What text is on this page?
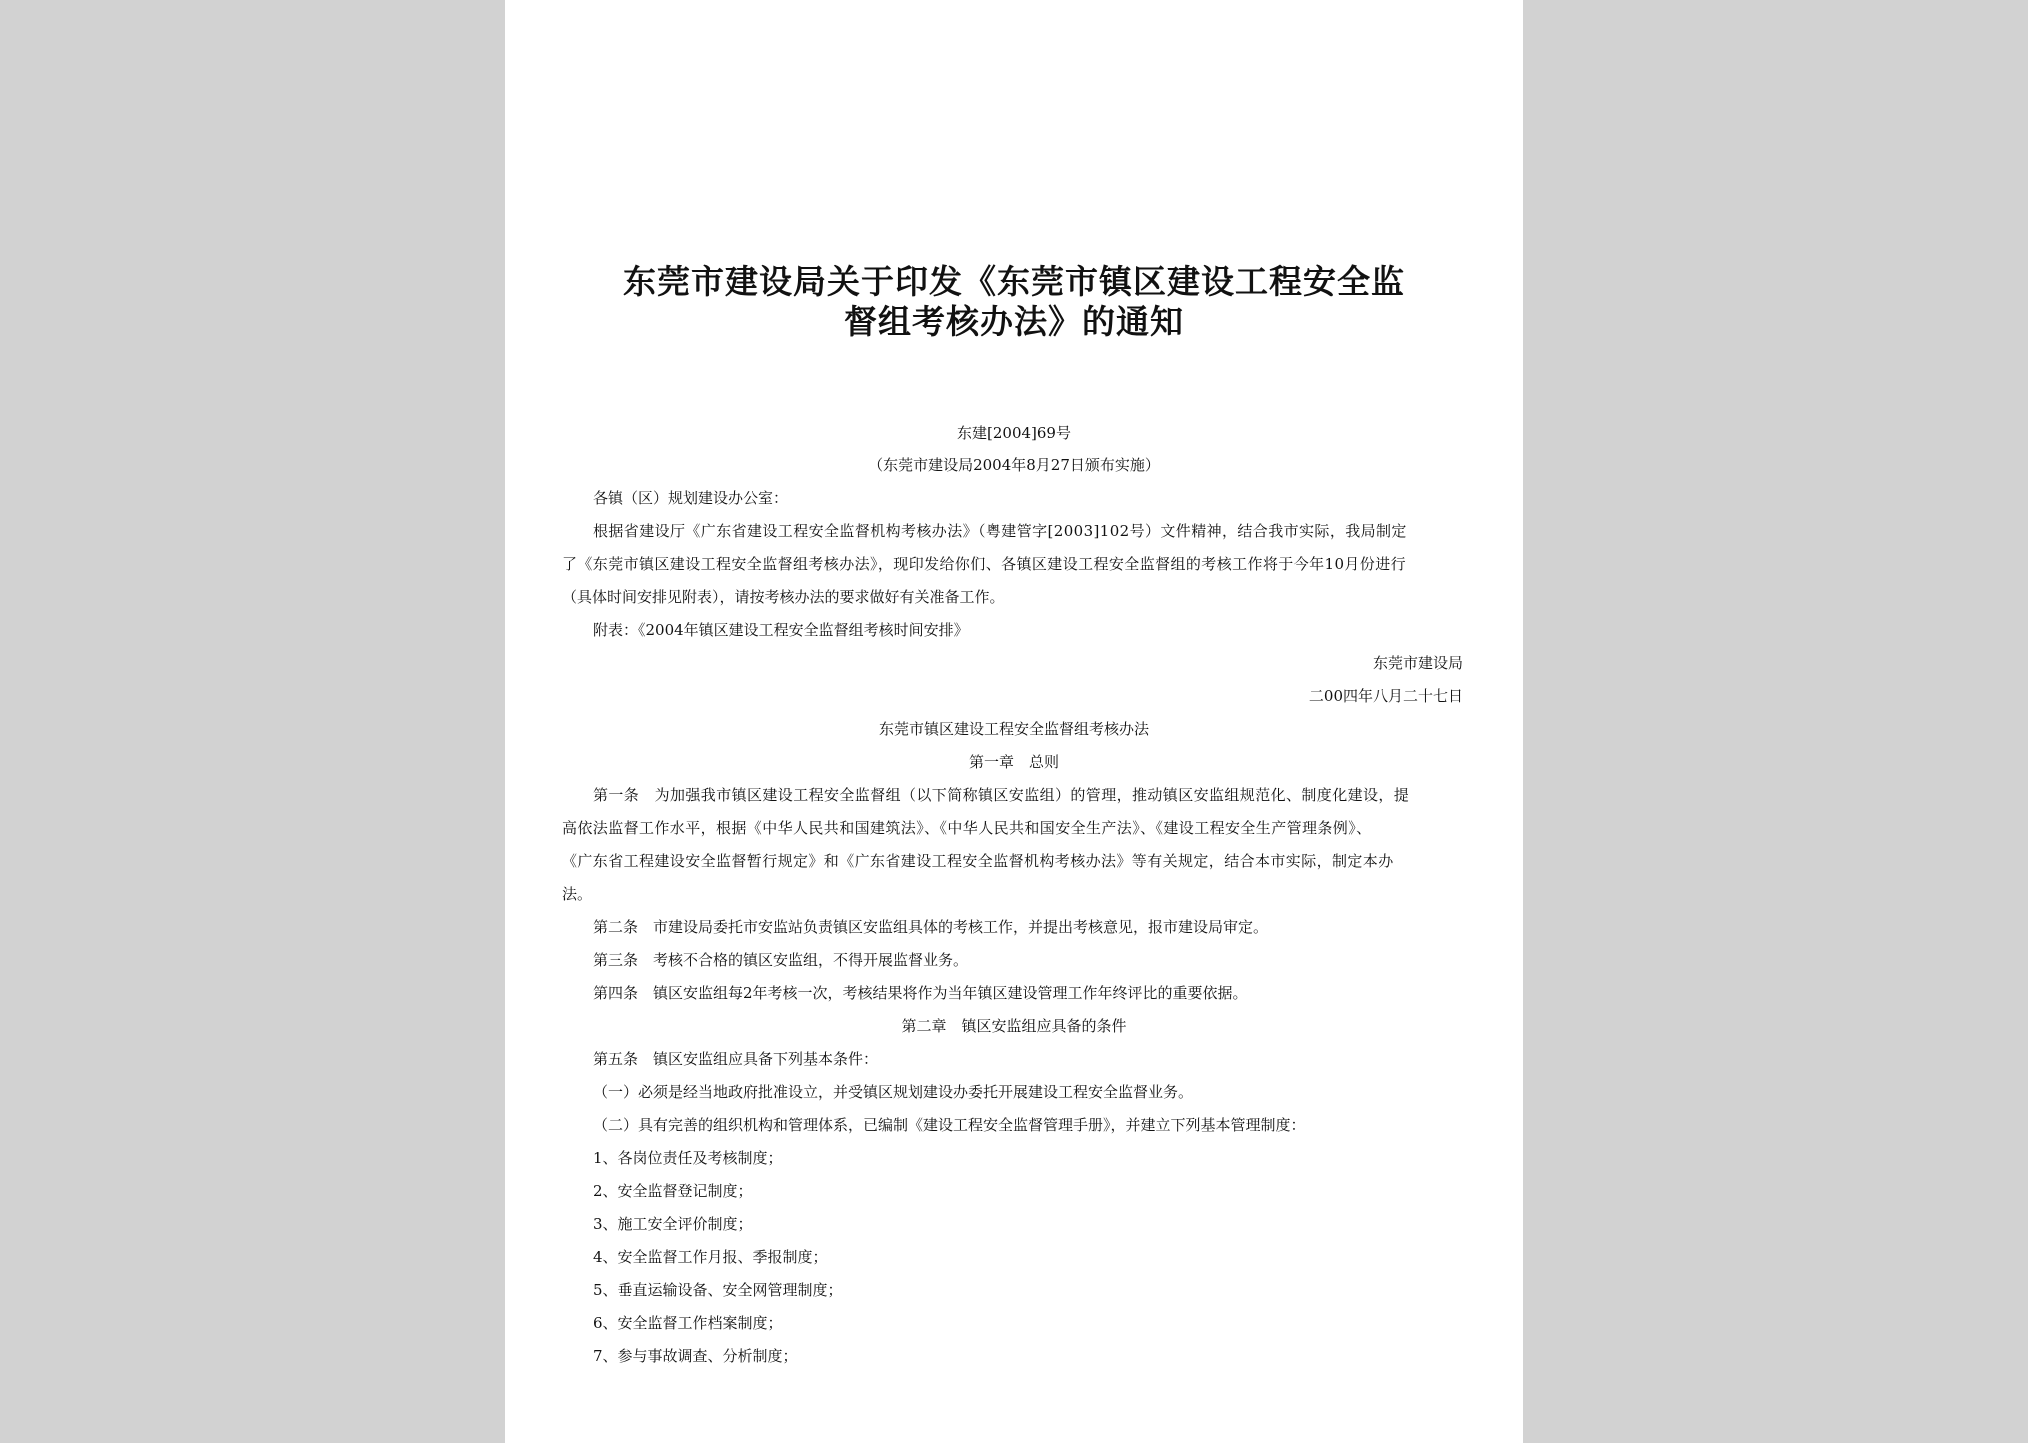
东莞市建设局关于印发《东莞市镇区建设工程安全监
督组考核办法》的通知
东建[2004]69号
（东莞市建设局2004年8月27日颁布实施）
各镇（区）规划建设办公室：
根据省建设厅《广东省建设工程安全监督机构考核办法》（粤建管字[2003]102号）文件精神，结合我市实际，我局制定
了《东莞市镇区建设工程安全监督组考核办法》，现印发给你们、各镇区建设工程安全监督组的考核工作将于今年10月份进行
（具体时间安排见附表），请按考核办法的要求做好有关准备工作。
附表：《2004年镇区建设工程安全监督组考核时间安排》
东莞市建设局
二00四年八月二十七日
东莞市镇区建设工程安全监督组考核办法
第一章　总则
第一条　为加强我市镇区建设工程安全监督组（以下简称镇区安监组）的管理，推动镇区安监组规范化、制度化建设，提
高依法监督工作水平，根据《中华人民共和国建筑法》、《中华人民共和国安全生产法》、《建设工程安全生产管理条例》、
《广东省工程建设安全监督暂行规定》和《广东省建设工程安全监督机构考核办法》等有关规定，结合本市实际，制定本办
法。
第二条　市建设局委托市安监站负责镇区安监组具体的考核工作，并提出考核意见，报市建设局审定。
第三条　考核不合格的镇区安监组，不得开展监督业务。
第四条　镇区安监组每2年考核一次，考核结果将作为当年镇区建设管理工作年终评比的重要依据。
第二章　镇区安监组应具备的条件
第五条　镇区安监组应具备下列基本条件：
（一）必须是经当地政府批准设立，并受镇区规划建设办委托开展建设工程安全监督业务。
（二）具有完善的组织机构和管理体系，已编制《建设工程安全监督管理手册》，并建立下列基本管理制度：
1、各岗位责任及考核制度；
2、安全监督登记制度；
3、施工安全评价制度；
4、安全监督工作月报、季报制度；
5、垂直运输设备、安全网管理制度；
6、安全监督工作档案制度；
7、参与事故调查、分析制度；
